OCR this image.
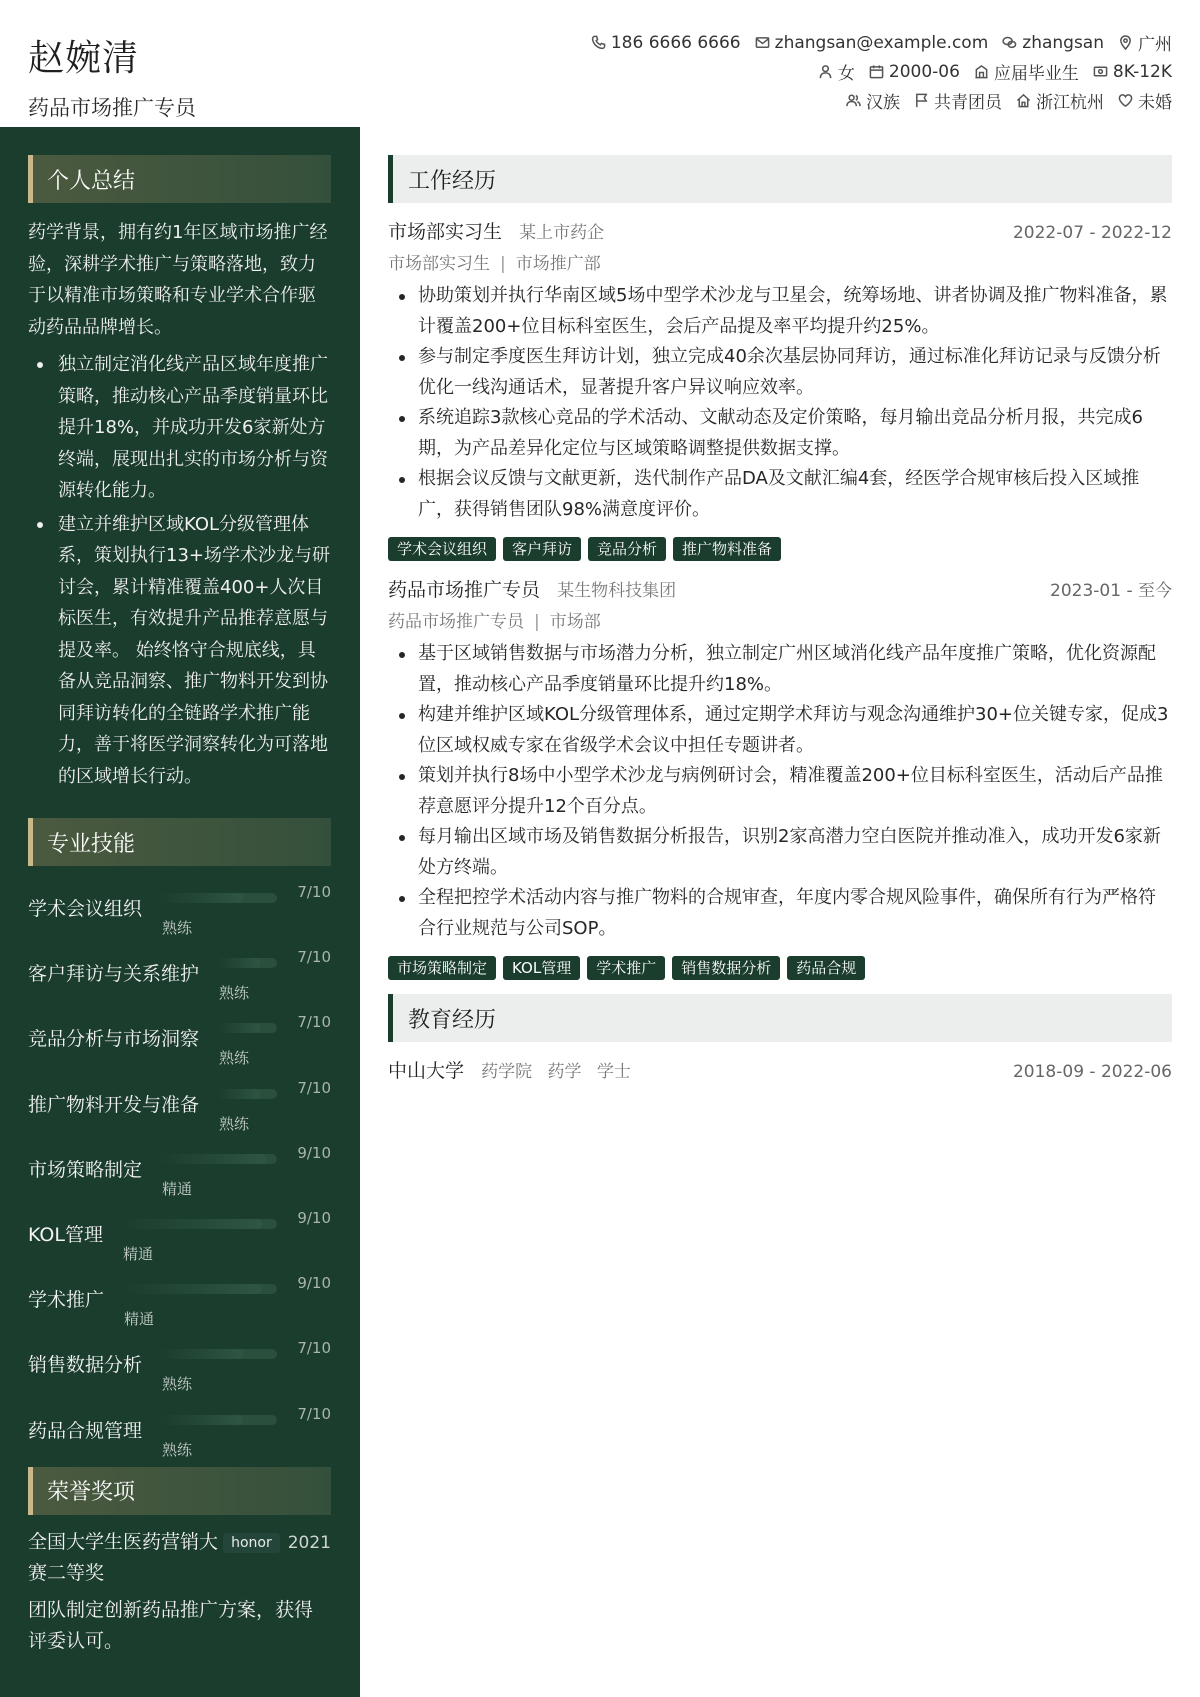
赵婉清
药品市场推广专员
186 6666 6666 zhangsan@example.com zhangsan 广州
女 2000-06 应届毕业生 8K-12K
汉族 共青团员 浙江杭州 未婚
个人总结
药学背景，拥有约1年区域市场推广经验，深耕学术推广与策略落地，致力于以精准市场策略和专业学术合作驱动药品品牌增长。
独立制定消化线产品区域年度推广策略，推动核心产品季度销量环比提升18%，并成功开发6家新处方终端，展现出扎实的市场分析与资源转化能力。
建立并维护区域KOL分级管理体系，策划执行13+场学术沙龙与研讨会，累计精准覆盖400+人次目标医生，有效提升产品推荐意愿与提及率。 始终恪守合规底线，具备从竞品洞察、推广物料开发到协同拜访转化的全链路学术推广能力，善于将医学洞察转化为可落地的区域增长行动。
专业技能
学术会议组织
7/10
熟练
客户拜访与关系维护
7/10
熟练
竞品分析与市场洞察
7/10
熟练
推广物料开发与准备
7/10
熟练
市场策略制定
9/10
精通
KOL管理
9/10
精通
学术推广
9/10
精通
销售数据分析
7/10
熟练
药品合规管理
7/10
熟练
荣誉奖项
全国大学生医药营销大赛二等奖
honor 2021
团队制定创新药品推广方案，获得评委认可。
工作经历
市场部实习生 某上市药企	2022-07 - 2022-12
市场部实习生 | 市场推广部
协助策划并执行华南区域5场中型学术沙龙与卫星会，统筹场地、讲者协调及推广物料准备，累计覆盖200+位目标科室医生，会后产品提及率平均提升约25%。
参与制定季度医生拜访计划，独立完成40余次基层协同拜访，通过标准化拜访记录与反馈分析优化一线沟通话术，显著提升客户异议响应效率。
系统追踪3款核心竞品的学术活动、文献动态及定价策略，每月输出竞品分析月报，共完成6期，为产品差异化定位与区域策略调整提供数据支撑。
根据会议反馈与文献更新，迭代制作产品DA及文献汇编4套，经医学合规审核后投入区域推广，获得销售团队98%满意度评价。
学术会议组织	客户拜访	竞品分析	推广物料准备
药品市场推广专员 某生物科技集团	2023-01 - 至今
药品市场推广专员 | 市场部
基于区域销售数据与市场潜力分析，独立制定广州区域消化线产品年度推广策略，优化资源配置，推动核心产品季度销量环比提升约18%。
构建并维护区域KOL分级管理体系，通过定期学术拜访与观念沟通维护30+位关键专家，促成3位区域权威专家在省级学术会议中担任专题讲者。
策划并执行8场中小型学术沙龙与病例研讨会，精准覆盖200+位目标科室医生，活动后产品推荐意愿评分提升12个百分点。
每月输出区域市场及销售数据分析报告，识别2家高潜力空白医院并推动准入，成功开发6家新处方终端。
全程把控学术活动内容与推广物料的合规审查，年度内零合规风险事件，确保所有行为严格符合行业规范与公司SOP。
市场策略制定	KOL管理	学术推广	销售数据分析	药品合规
教育经历
中山大学 药学院 药学 学士	2018-09 - 2022-06
